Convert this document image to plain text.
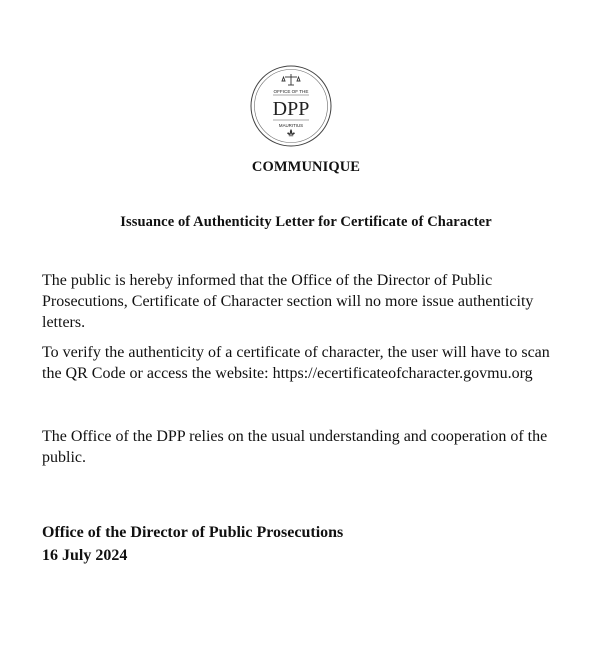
OFFICE OF THE
DPP
MAURITIUS
COMMUNIQUE
Issuance of Authenticity Letter for Certificate of Character

The public is hereby informed that the Office of the Director of Public Prosecutions, Certificate of Character section will no more issue authenticity letters.

To verify the authenticity of a certificate of character, the user will have to scan the QR Code or access the website: https://ecertificateofcharacter.govmu.org

The Office of the DPP relies on the usual understanding and cooperation of the public.

Office of the Director of Public Prosecutions
16 July 2024
